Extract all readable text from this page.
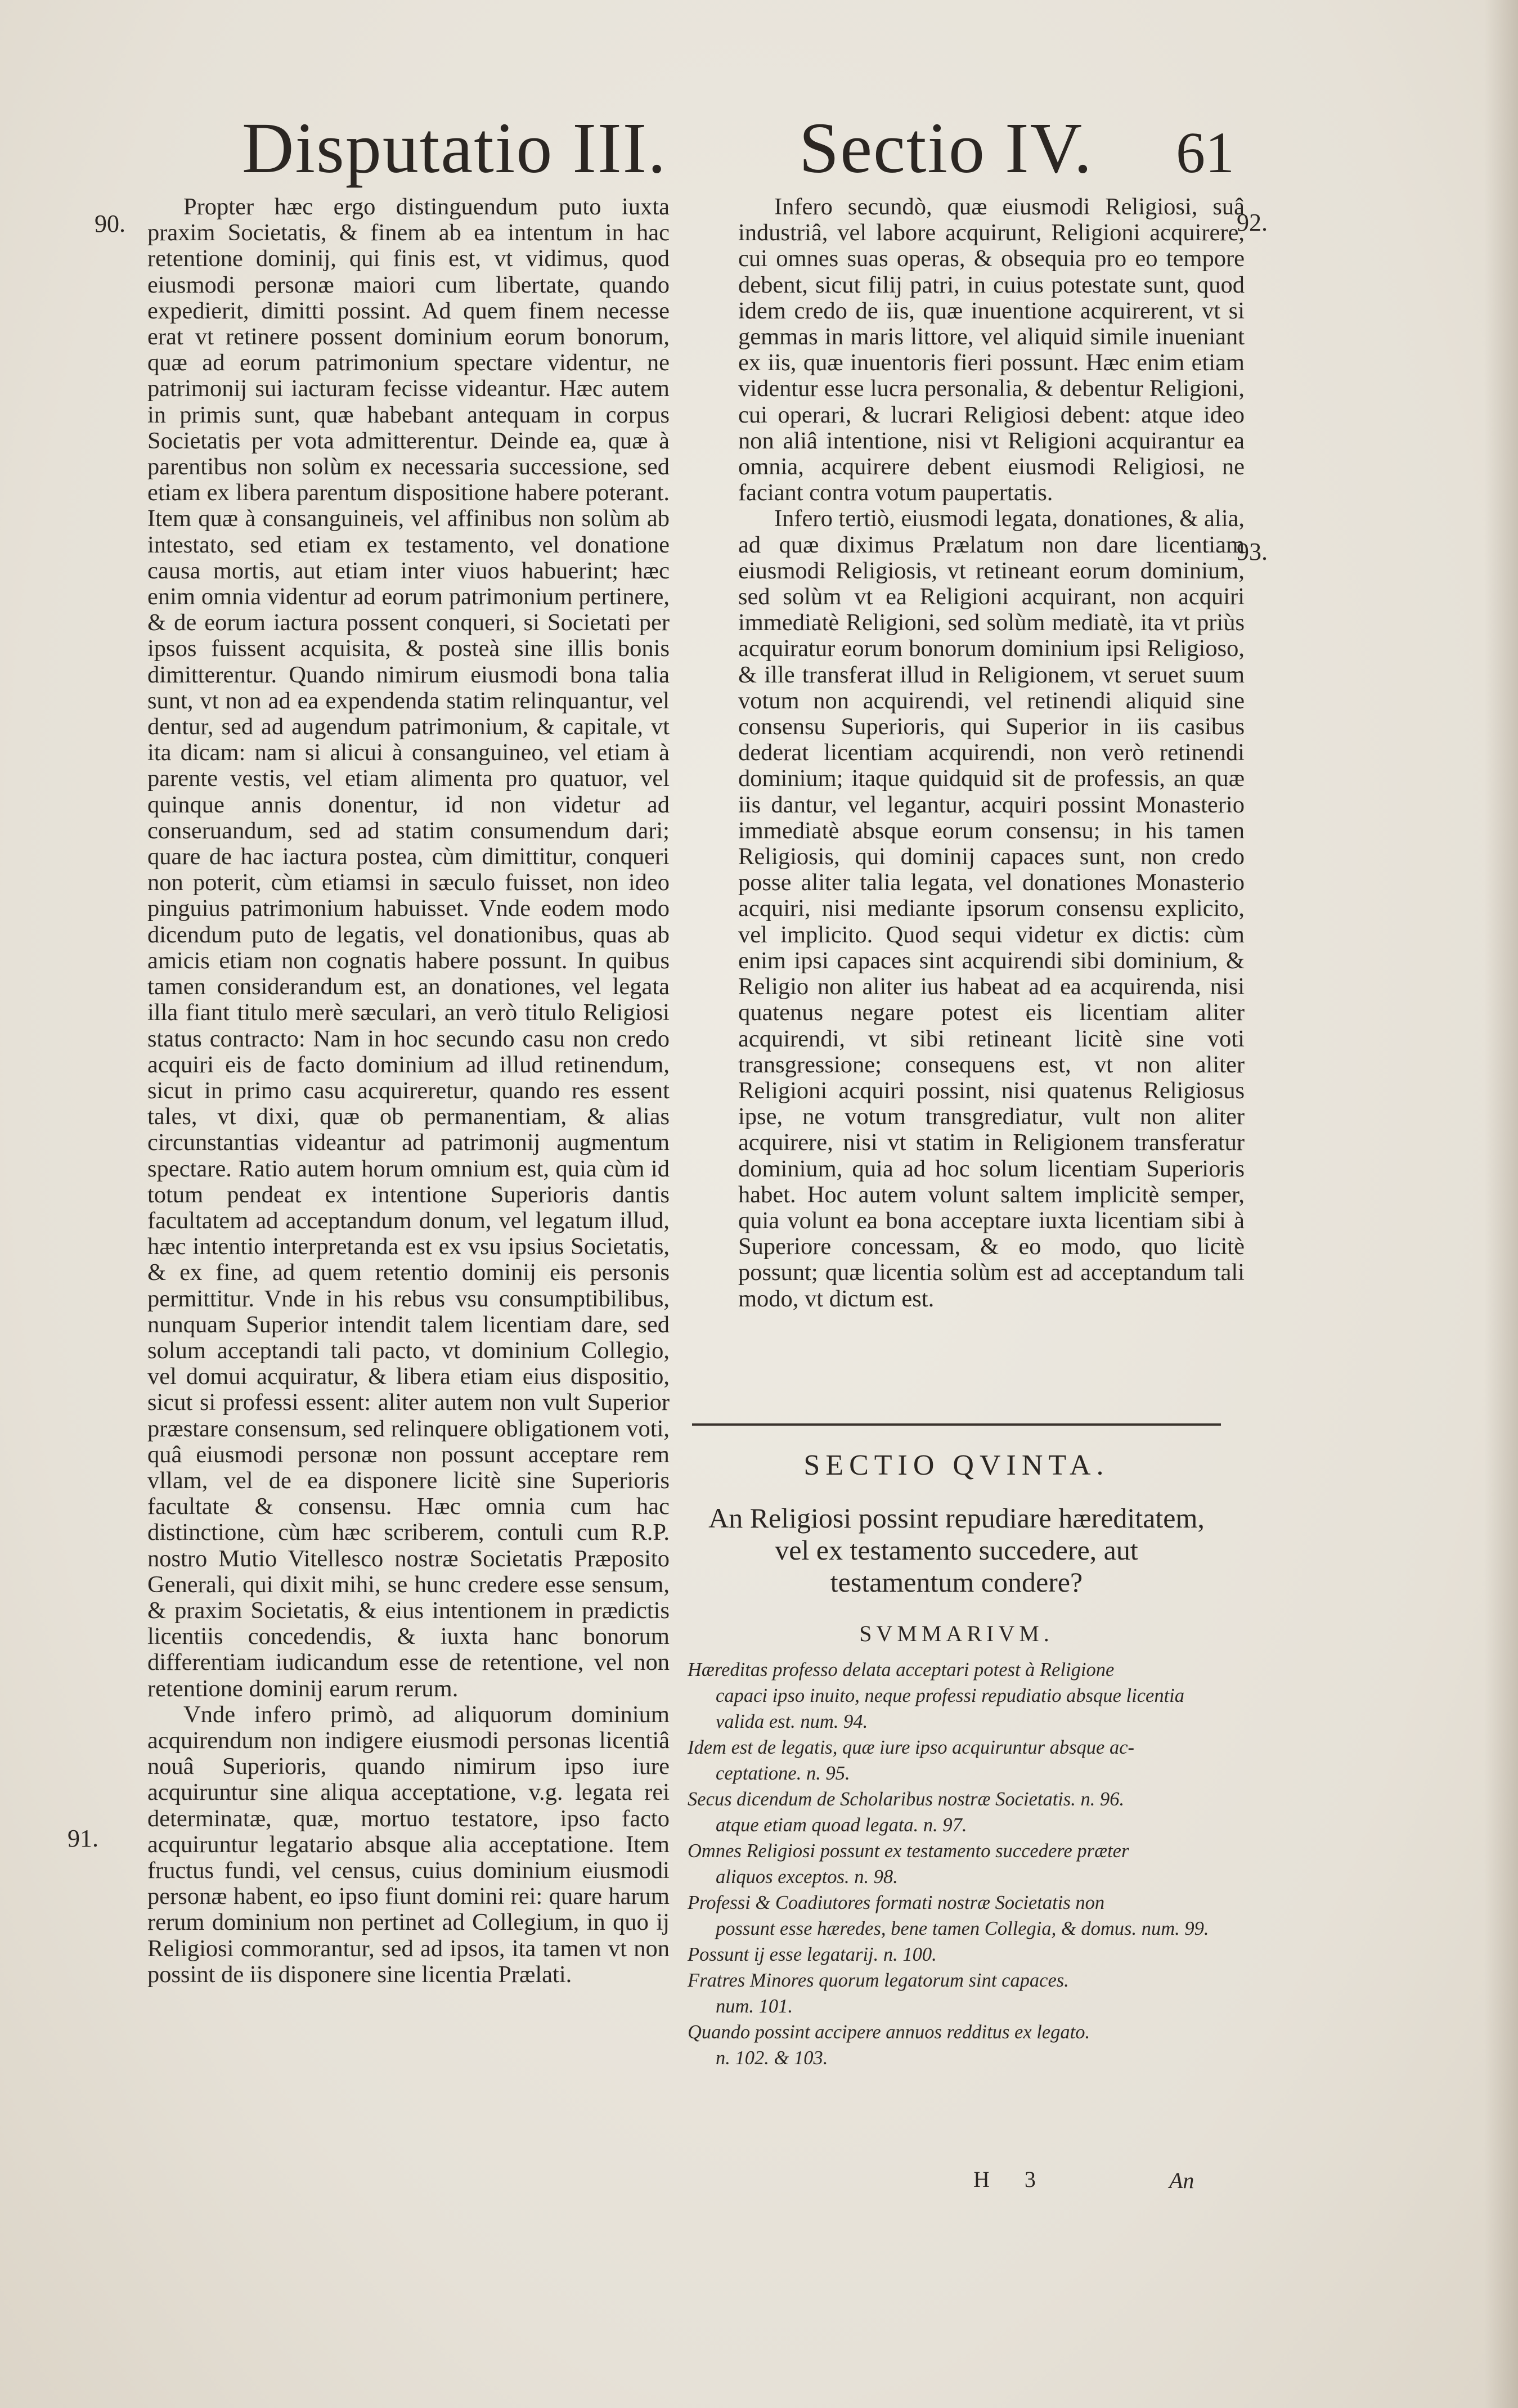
Disputatio III. Sectio IV. 61
90.
91.
92.
93.

Propter hæc ergo distinguendum puto iuxta praxim Societatis, & finem ab ea intentum in hac retentione dominij, qui finis est, vt vidimus, quod eiusmodi personæ maiori cum libertate, quando expedierit, dimitti possint. Ad quem finem necesse erat vt retinere possent dominium eorum bonorum, quæ ad eorum patrimonium spectare videntur, ne patrimonij sui iacturam fecisse videantur. Hæc autem in primis sunt, quæ habebant antequam in corpus Societatis per vota admitterentur. Deinde ea, quæ à parentibus non solùm ex necessaria successione, sed etiam ex libera parentum dispositione habere poterant. Item quæ à consanguineis, vel affinibus non solùm ab intestato, sed etiam ex testamento, vel donatione causa mortis, aut etiam inter viuos habuerint; hæc enim omnia videntur ad eorum patrimonium pertinere, & de eorum iactura possent conqueri, si Societati per ipsos fuissent acquisita, & posteà sine illis bonis dimitterentur. Quando nimirum eiusmodi bona talia sunt, vt non ad ea expendenda statim relinquantur, vel dentur, sed ad augendum patrimonium, & capitale, vt ita dicam: nam si alicui à consanguineo, vel etiam à parente vestis, vel etiam alimenta pro quatuor, vel quinque annis donentur, id non videtur ad conseruandum, sed ad statim consumendum dari; quare de hac iactura postea, cùm dimittitur, conqueri non poterit, cùm etiamsi in sæculo fuisset, non ideo pinguius patrimonium habuisset. Vnde eodem modo dicendum puto de legatis, vel donationibus, quas ab amicis etiam non cognatis habere possunt. In quibus tamen considerandum est, an donationes, vel legata illa fiant titulo merè sæculari, an verò titulo Religiosi status contracto: Nam in hoc secundo casu non credo acquiri eis de facto dominium ad illud retinendum, sicut in primo casu acquireretur, quando res essent tales, vt dixi, quæ ob permanentiam, & alias circunstantias videantur ad patrimonij augmentum spectare. Ratio autem horum omnium est, quia cùm id totum pendeat ex intentione Superioris dantis facultatem ad acceptandum donum, vel legatum illud, hæc intentio interpretanda est ex vsu ipsius Societatis, & ex fine, ad quem retentio dominij eis personis permittitur. Vnde in his rebus vsu consumptibilibus, nunquam Superior intendit talem licentiam dare, sed solum acceptandi tali pacto, vt dominium Collegio, vel domui acquiratur, & libera etiam eius dispositio, sicut si professi essent: aliter autem non vult Superior præstare consensum, sed relinquere obligationem voti, quâ eiusmodi personæ non possunt acceptare rem vllam, vel de ea disponere licitè sine Superioris facultate & consensu. Hæc omnia cum hac distinctione, cùm hæc scriberem, contuli cum R.P. nostro Mutio Vitellesco nostræ Societatis Præposito Generali, qui dixit mihi, se hunc credere esse sensum, & praxim Societatis, & eius intentionem in prædictis licentiis concedendis, & iuxta hanc bonorum differentiam iudicandum esse de retentione, vel non retentione dominij earum rerum.

Vnde infero primò, ad aliquorum dominium acquirendum non indigere eiusmodi personas licentiâ nouâ Superioris, quando nimirum ipso iure acquiruntur sine aliqua acceptatione, v.g. legata rei determinatæ, quæ, mortuo testatore, ipso facto acquiruntur legatario absque alia acceptatione. Item fructus fundi, vel census, cuius dominium eiusmodi personæ habent, eo ipso fiunt domini rei: quare harum rerum dominium non pertinet ad Collegium, in quo ij Religiosi commorantur, sed ad ipsos, ita tamen vt non possint de iis disponere sine licentia Prælati.

Infero secundò, quæ eiusmodi Religiosi, suâ industriâ, vel labore acquirunt, Religioni acquirere, cui omnes suas operas, & obsequia pro eo tempore debent, sicut filij patri, in cuius potestate sunt, quod idem credo de iis, quæ inuentione acquirerent, vt si gemmas in maris littore, vel aliquid simile inueniant ex iis, quæ inuentoris fieri possunt. Hæc enim etiam videntur esse lucra personalia, & debentur Religioni, cui operari, & lucrari Religiosi debent: atque ideo non aliâ intentione, nisi vt Religioni acquirantur ea omnia, acquirere debent eiusmodi Religiosi, ne faciant contra votum paupertatis.

Infero tertiò, eiusmodi legata, donationes, & alia, ad quæ diximus Prælatum non dare licentiam eiusmodi Religiosis, vt retineant eorum dominium, sed solùm vt ea Religioni acquirant, non acquiri immediatè Religioni, sed solùm mediatè, ita vt priùs acquiratur eorum bonorum dominium ipsi Religioso, & ille transferat illud in Religionem, vt seruet suum votum non acquirendi, vel retinendi aliquid sine consensu Superioris, qui Superior in iis casibus dederat licentiam acquirendi, non verò retinendi dominium; itaque quidquid sit de professis, an quæ iis dantur, vel legantur, acquiri possint Monasterio immediatè absque eorum consensu; in his tamen Religiosis, qui dominij capaces sunt, non credo posse aliter talia legata, vel donationes Monasterio acquiri, nisi mediante ipsorum consensu explicito, vel implicito. Quod sequi videtur ex dictis: cùm enim ipsi capaces sint acquirendi sibi dominium, & Religio non aliter ius habeat ad ea acquirenda, nisi quatenus negare potest eis licentiam aliter acquirendi, vt sibi retineant licitè sine voti transgressione; consequens est, vt non aliter Religioni acquiri possint, nisi quatenus Religiosus ipse, ne votum transgrediatur, vult non aliter acquirere, nisi vt statim in Religionem transferatur dominium, quia ad hoc solum licentiam Superioris habet. Hoc autem volunt saltem implicitè semper, quia volunt ea bona acceptare iuxta licentiam sibi à Superiore concessam, & eo modo, quo licitè possunt; quæ licentia solùm est ad acceptandum tali modo, vt dictum est.

SECTIO QVINTA.
An Religiosi possint repudiare hæreditatem,
vel ex testamento succedere, aut
testamentum condere?
SVMMARIVM.

Hæreditas professo delata acceptari potest à Religione
capaci ipso inuito, neque professi repudiatio absque licentia valida est. num. 94.

Idem est de legatis, quæ iure ipso acquiruntur absque ac-
ceptatione. n. 95.

Secus dicendum de Scholaribus nostræ Societatis. n. 96.
atque etiam quoad legata. n. 97.

Omnes Religiosi possunt ex testamento succedere præter
aliquos exceptos. n. 98.

Professi & Coadiutores formati nostræ Societatis non
possunt esse hæredes, bene tamen Collegia, & domus. num. 99.

Possunt ij esse legatarij. n. 100.

Fratres Minores quorum legatorum sint capaces.
num. 101.

Quando possint accipere annuos redditus ex legato.
n. 102. & 103.

H 3	An
